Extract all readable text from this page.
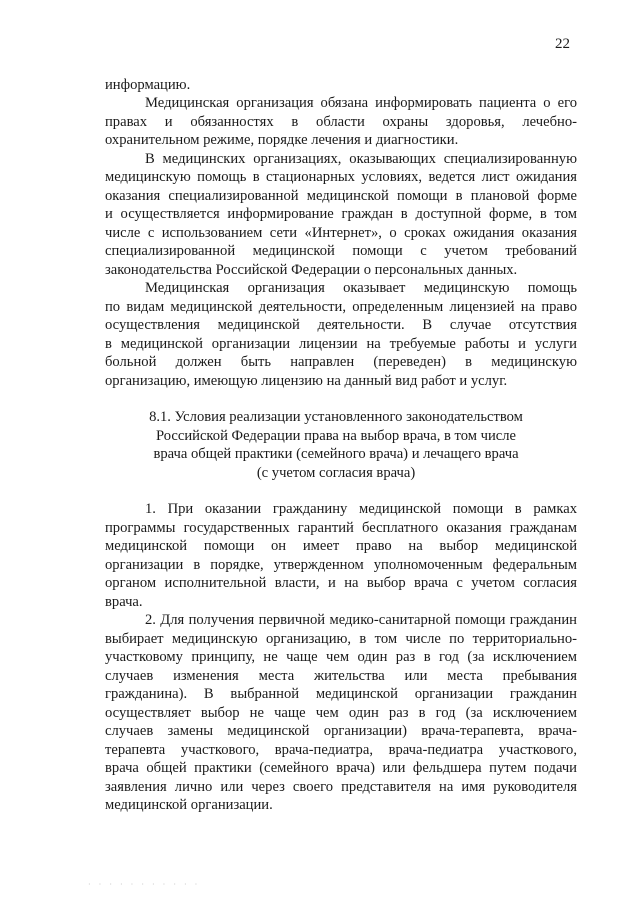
22
информацию.
Медицинская организация обязана информировать пациента о его
правах и обязанностях в области охраны здоровья, лечебно-
охранительном режиме, порядке лечения и диагностики.
В медицинских организациях, оказывающих специализированную
медицинскую помощь в стационарных условиях, ведется лист ожидания
оказания специализированной медицинской помощи в плановой форме
и осуществляется информирование граждан в доступной форме, в том
числе с использованием сети «Интернет», о сроках ожидания оказания
специализированной медицинской помощи с учетом требований
законодательства Российской Федерации о персональных данных.
Медицинская организация оказывает медицинскую помощь
по видам медицинской деятельности, определенным лицензией на право
осуществления медицинской деятельности. В случае отсутствия
в медицинской организации лицензии на требуемые работы и услуги
больной должен быть направлен (переведен) в медицинскую
организацию, имеющую лицензию на данный вид работ и услуг.
8.1. Условия реализации установленного законодательством
Российской Федерации права на выбор врача, в том числе
врача общей практики (семейного врача) и лечащего врача
(с учетом согласия врача)
1. При оказании гражданину медицинской помощи в рамках
программы государственных гарантий бесплатного оказания гражданам
медицинской помощи он имеет право на выбор медицинской
организации в порядке, утвержденном уполномоченным федеральным
органом исполнительной власти, и на выбор врача с учетом согласия
врача.
2. Для получения первичной медико-санитарной помощи гражданин
выбирает медицинскую организацию, в том числе по территориально-
участковому принципу, не чаще чем один раз в год (за исключением
случаев изменения места жительства или места пребывания
гражданина). В выбранной медицинской организации гражданин
осуществляет выбор не чаще чем один раз в год (за исключением
случаев замены медицинской организации) врача-терапевта, врача-
терапевта участкового, врача-педиатра, врача-педиатра участкового,
врача общей практики (семейного врача) или фельдшера путем подачи
заявления лично или через своего представителя на имя руководителя
медицинской организации.
· · · · · · · · · · ·
